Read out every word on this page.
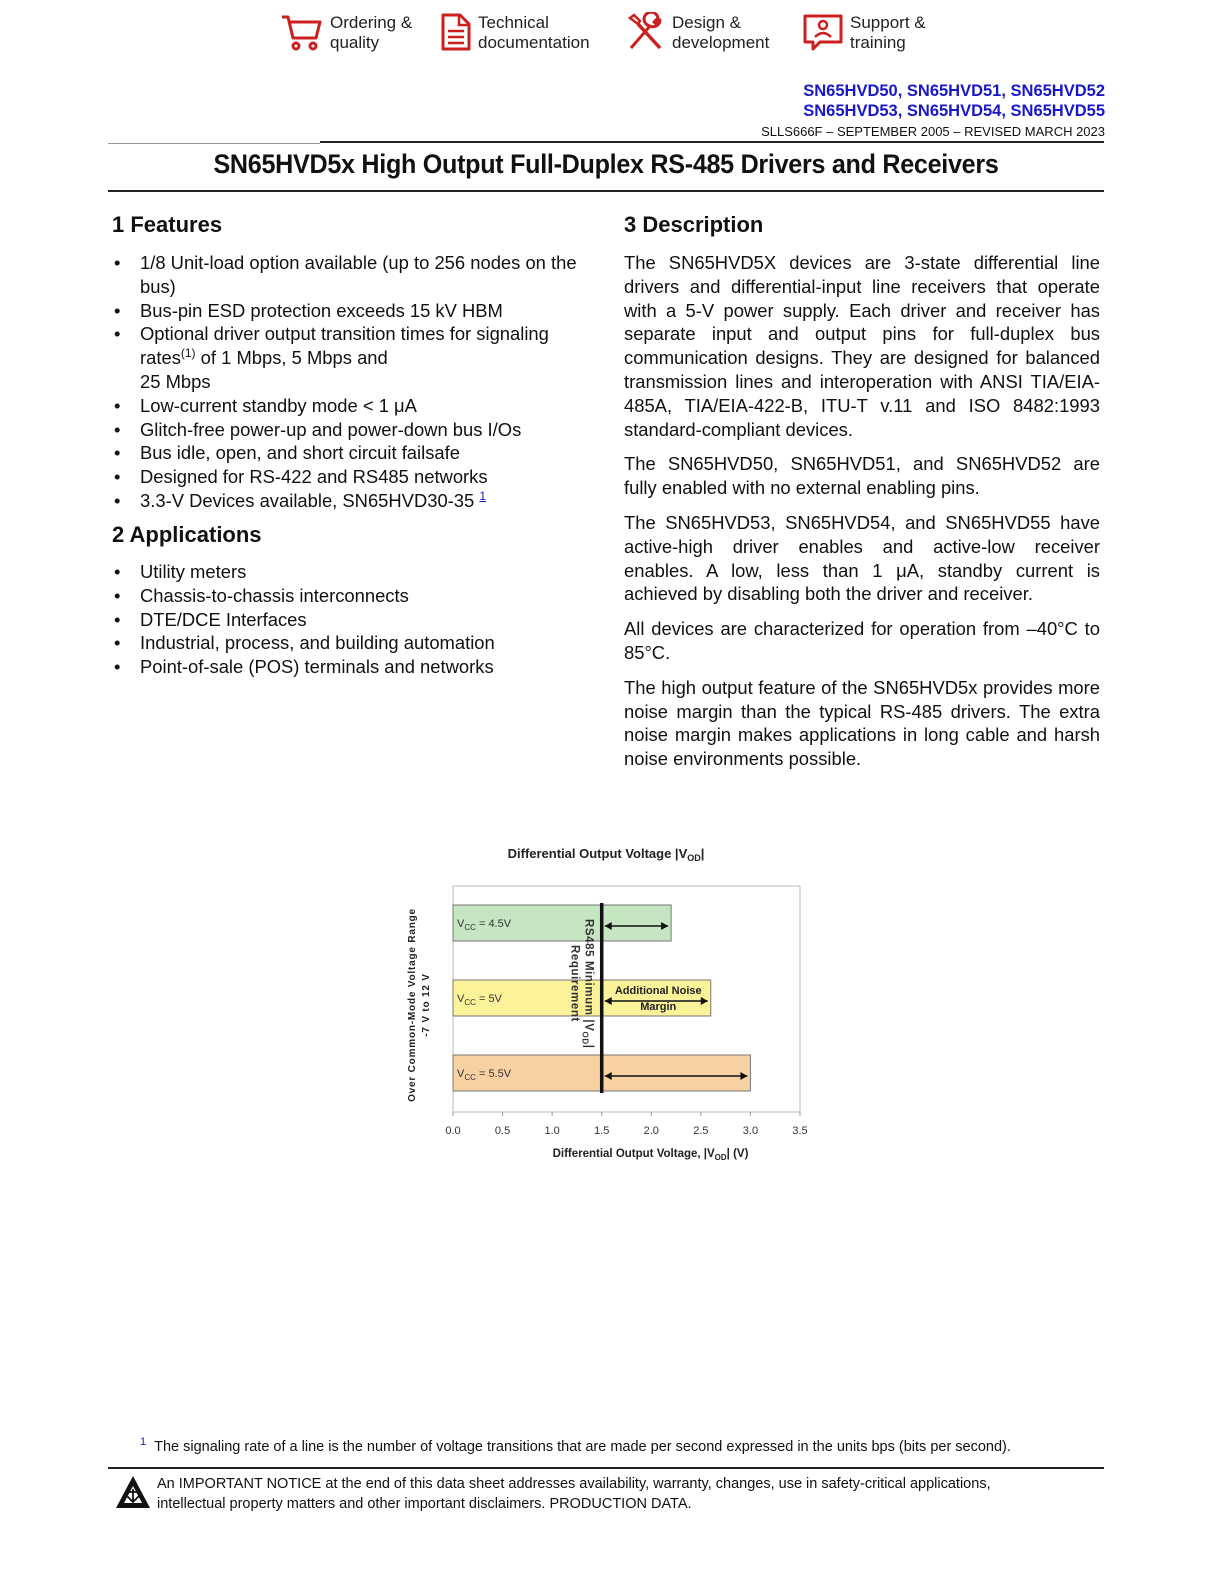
Ordering &
quality
Technical
documentation
Design &
development
Support &
training
SN65HVD50, SN65HVD51, SN65HVD52
SN65HVD53, SN65HVD54, SN65HVD55
SLLS666F – SEPTEMBER 2005 – REVISED MARCH 2023
SN65HVD5x High Output Full-Duplex RS-485 Drivers and Receivers
1 Features
• 1/8 Unit-load option available (up to 256 nodes on the bus)
• Bus-pin ESD protection exceeds 15 kV HBM
• Optional driver output transition times for signaling
rates$^{(1)}$ of 1 Mbps, 5 Mbps and
25 Mbps
• Low-current standby mode < 1 μA
• Glitch-free power-up and power-down bus I/Os
• Bus idle, open, and short circuit failsafe
• Designed for RS-422 and RS485 networks
• 3.3-V Devices available, SN65HVD30-35 $^1$
2 Applications
• Utility meters
• Chassis-to-chassis interconnects
• DTE/DCE Interfaces
• Industrial, process, and building automation
• Point-of-sale (POS) terminals and networks
3 Description

The SN65HVD5X devices are 3-state differential line drivers and differential-input line receivers that operate with a 5-V power supply. Each driver and receiver has separate input and output pins for full-duplex bus communication designs. They are designed for balanced transmission lines and interoperation with ANSI TIA/EIA-485A, TIA/EIA-422-B, ITU-T v.11 and ISO 8482:1993 standard-compliant devices.

The SN65HVD50, SN65HVD51, and SN65HVD52 are fully enabled with no external enabling pins.

The SN65HVD53, SN65HVD54, and SN65HVD55 have active-high driver enables and active-low receiver enables. A low, less than 1 μA, standby current is achieved by disabling both the driver and receiver.

All devices are characterized for operation from –40°C to 85°C.

The high output feature of the SN65HVD5x provides more noise margin than the typical RS-485 drivers. The extra noise margin makes applications in long cable and harsh noise environments possible.

Differential Output Voltage $|V_{OD}|$
$V_{CC} = 4.5V$
$V_{CC} = 5V$
$V_{CC} = 5.5V$
0.0	0.5	1.0	1.5	2.0	2.5	3.0	3.5
Over Common-Mode Voltage Range -7 V to 12 V
Differential Output Voltage, $|V_{OD}|$ (V)
RS485 Minimum $|V_{OD}|$
Requirement	Additional Noise
Margin
$^1$ The signaling rate of a line is the number of voltage transitions that are made per second expressed in the units bps (bits per second).
An IMPORTANT NOTICE at the end of this data sheet addresses availability, warranty, changes, use in safety-critical applications,
intellectual property matters and other important disclaimers. PRODUCTION DATA.
